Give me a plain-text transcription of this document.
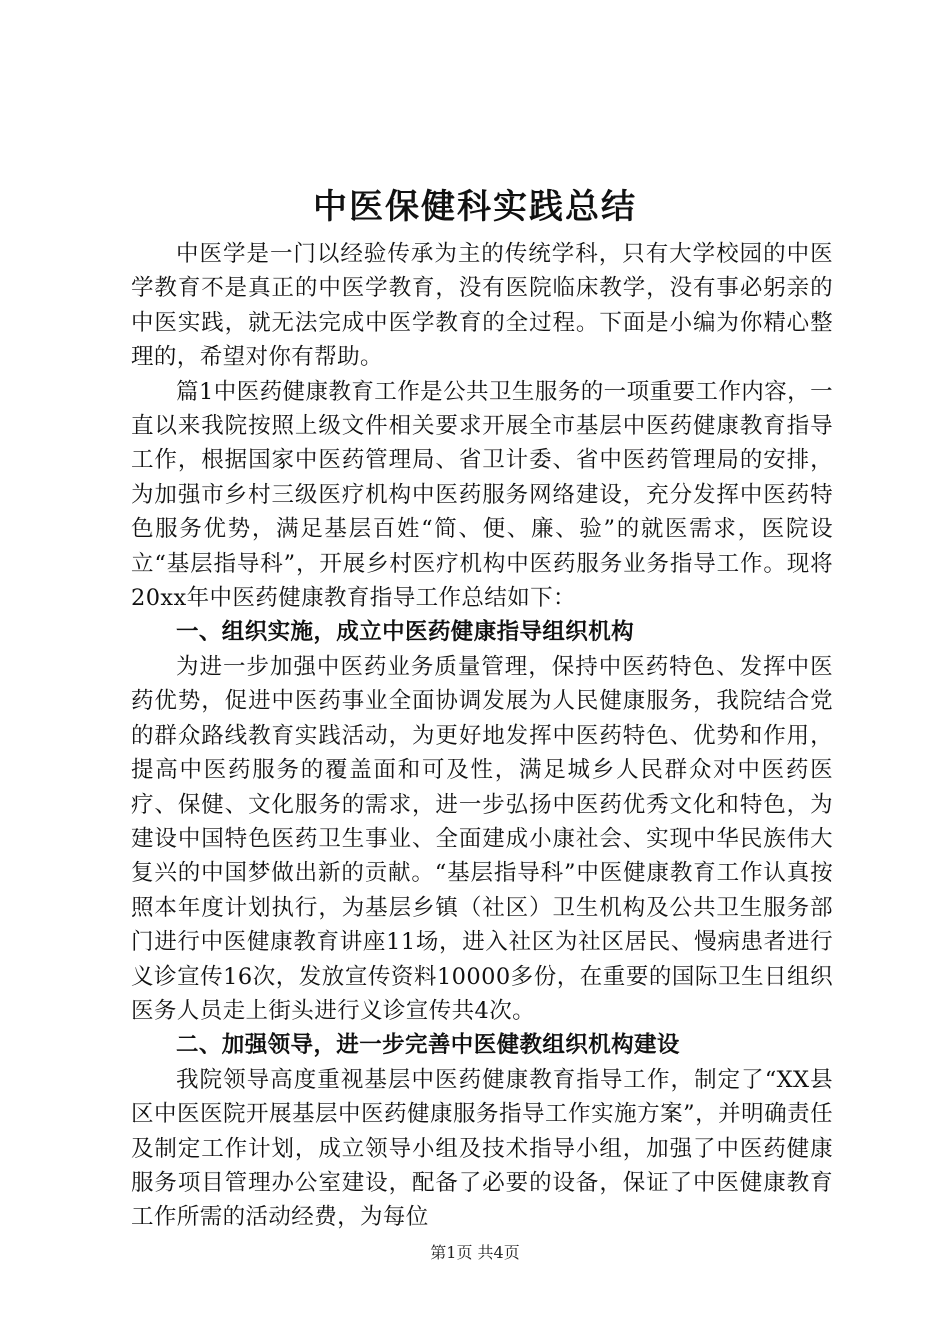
中医保健科实践总结

中医学是一门以经验传承为主的传统学科，只有大学校园的中医学教育不是真正的中医学教育，没有医院临床教学，没有事必躬亲的中医实践，就无法完成中医学教育的全过程。下面是小编为你精心整理的，希望对你有帮助。

篇1中医药健康教育工作是公共卫生服务的一项重要工作内容，一直以来我院按照上级文件相关要求开展全市基层中医药健康教育指导工作，根据国家中医药管理局、省卫计委、省中医药管理局的安排，为加强市乡村三级医疗机构中医药服务网络建设，充分发挥中医药特色服务优势，满足基层百姓“简、便、廉、验”的就医需求，医院设立“基层指导科”，开展乡村医疗机构中医药服务业务指导工作。现将20xx年中医药健康教育指导工作总结如下：

一、组织实施，成立中医药健康指导组织机构

为进一步加强中医药业务质量管理，保持中医药特色、发挥中医药优势，促进中医药事业全面协调发展为人民健康服务，我院结合党的群众路线教育实践活动，为更好地发挥中医药特色、优势和作用，提高中医药服务的覆盖面和可及性，满足城乡人民群众对中医药医疗、保健、文化服务的需求，进一步弘扬中医药优秀文化和特色，为建设中国特色医药卫生事业、全面建成小康社会、实现中华民族伟大复兴的中国梦做出新的贡献。“基层指导科”中医健康教育工作认真按照本年度计划执行，为基层乡镇（社区）卫生机构及公共卫生服务部门进行中医健康教育讲座11场，进入社区为社区居民、慢病患者进行义诊宣传16次，发放宣传资料10000多份，在重要的国际卫生日组织医务人员走上街头进行义诊宣传共4次。

二、加强领导，进一步完善中医健教组织机构建设

我院领导高度重视基层中医药健康教育指导工作，制定了“XX县区中医医院开展基层中医药健康服务指导工作实施方案”，并明确责任及制定工作计划，成立领导小组及技术指导小组，加强了中医药健康服务项目管理办公室建设，配备了必要的设备，保证了中医健康教育工作所需的活动经费，为每位

第1页 共4页
